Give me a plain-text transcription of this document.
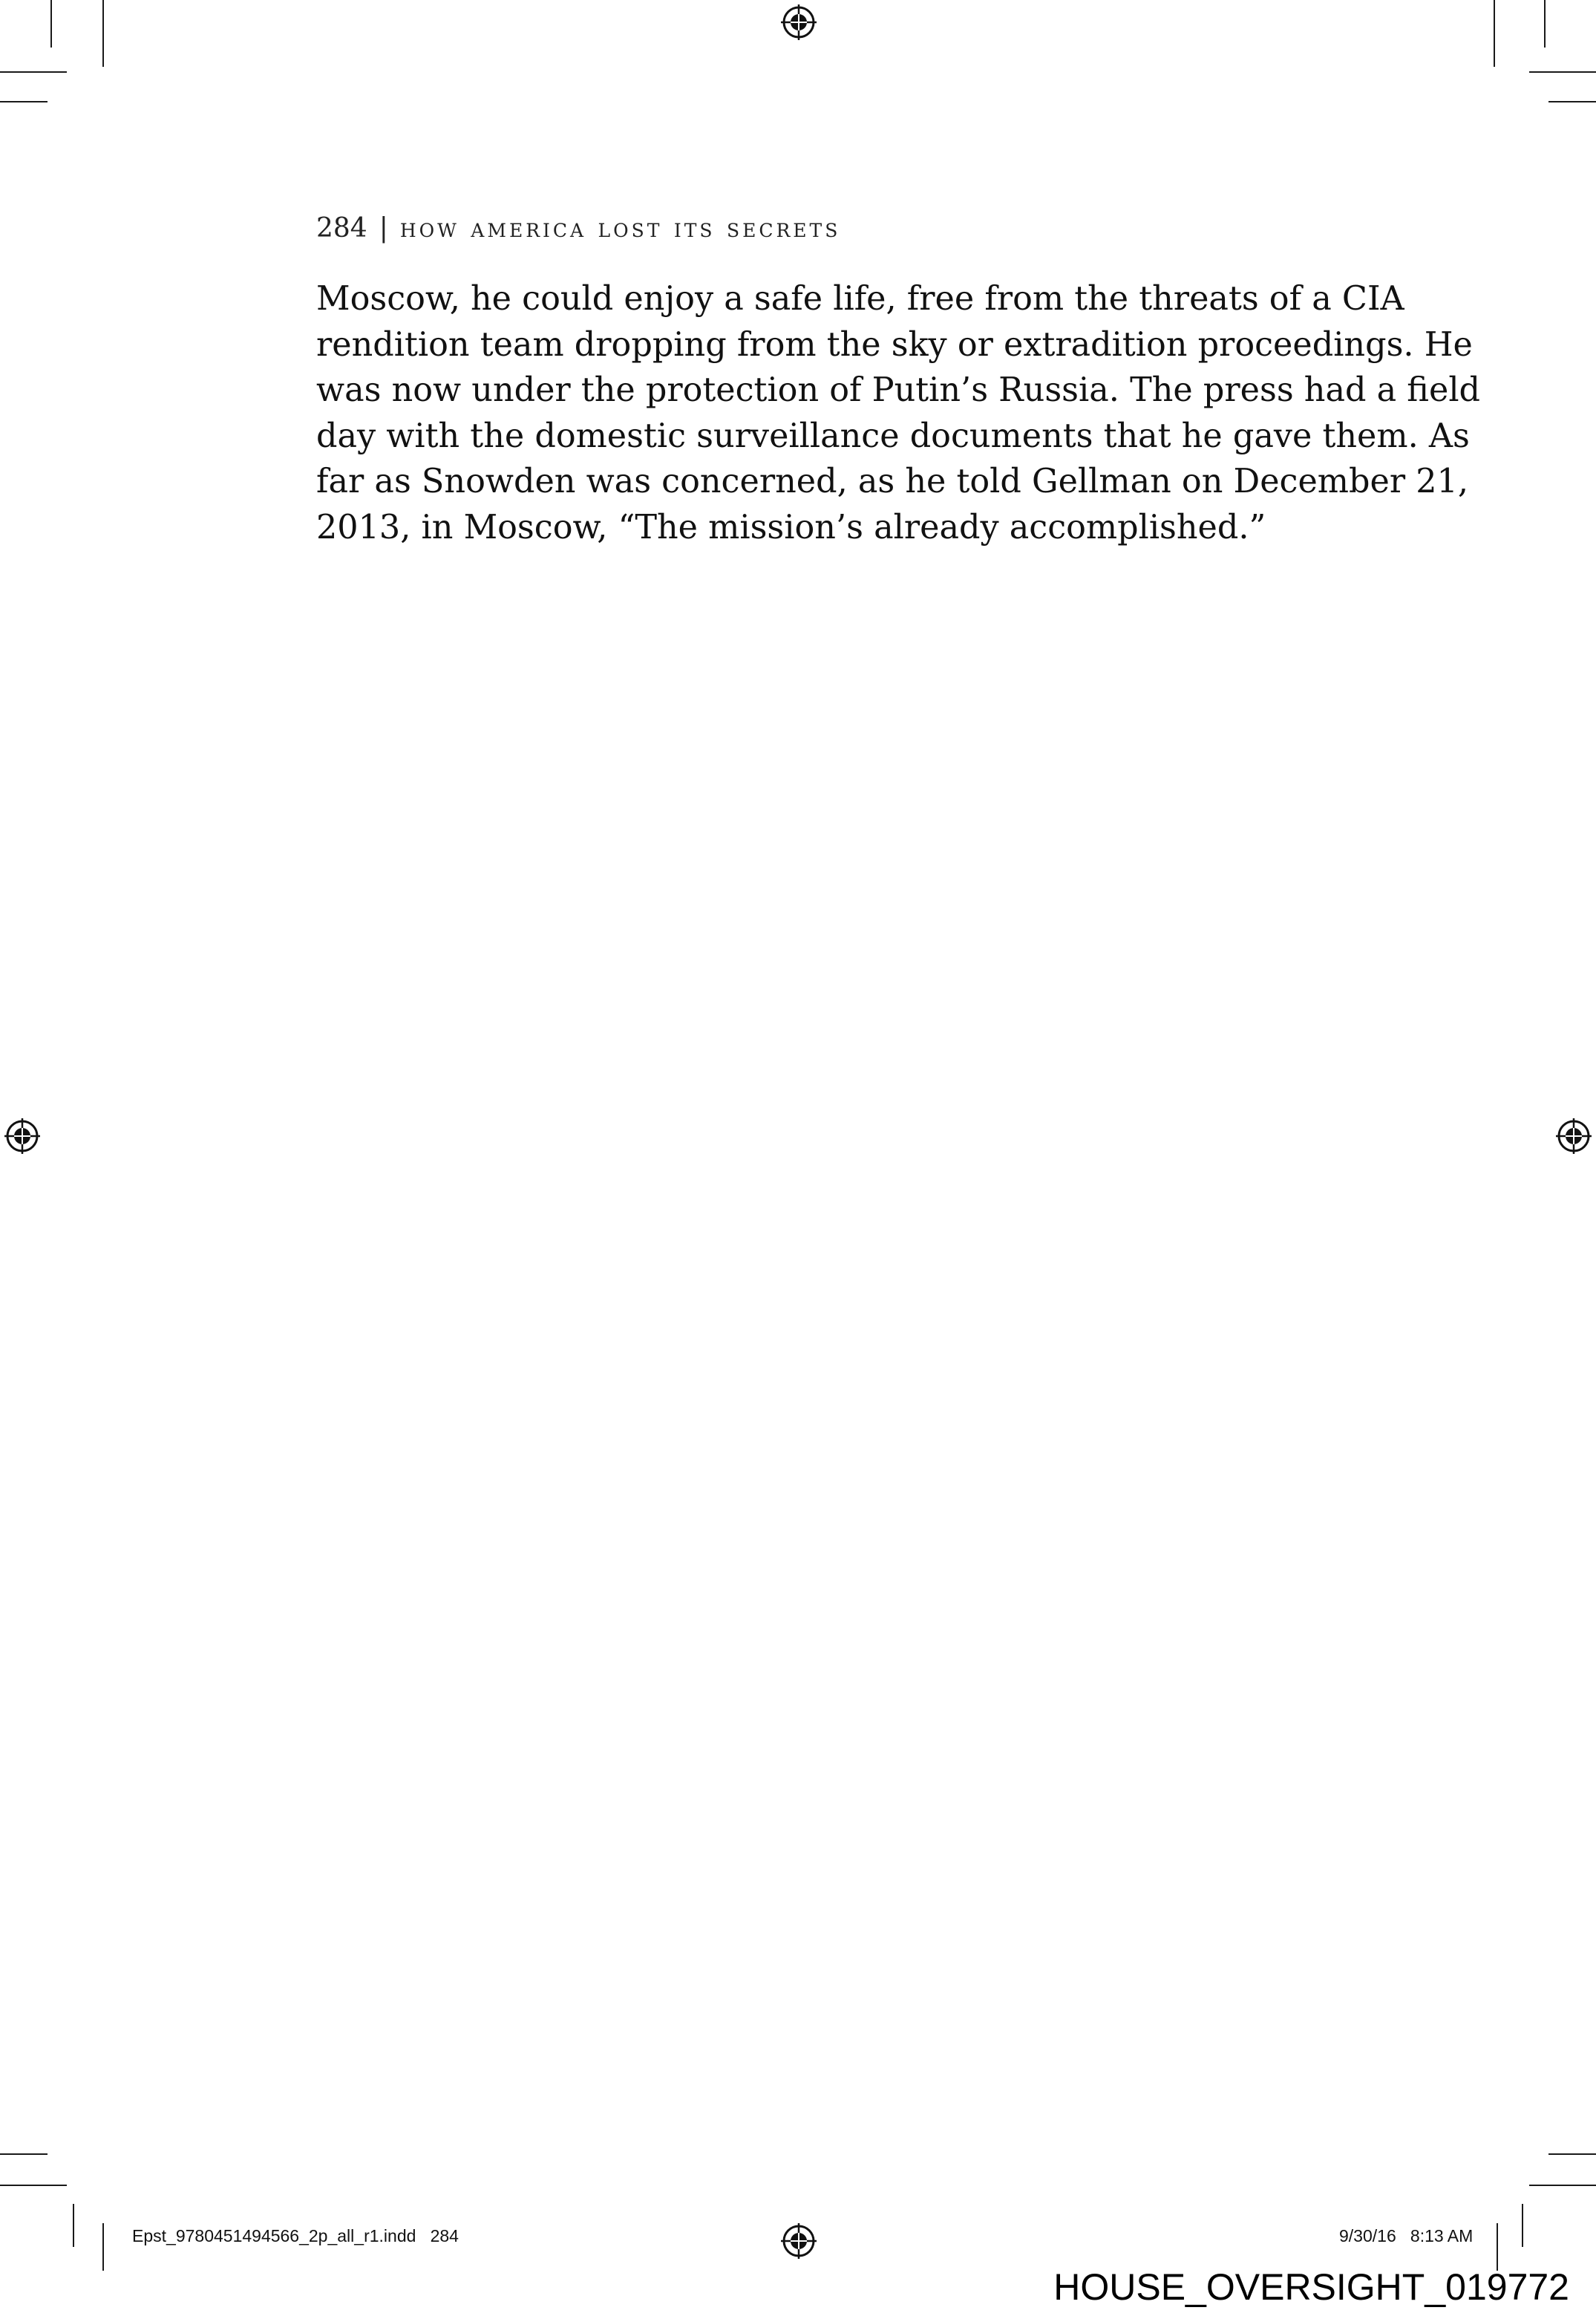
284 | how america lost its secrets
Moscow, he could enjoy a safe life, free from the threats of a CIA
rendition team dropping from the sky or extradition proceedings. He
was now under the protection of Putin’s Russia. The press had a field
day with the domestic surveillance documents that he gave them. As
far as Snowden was concerned, as he told Gellman on December 21,
2013, in Moscow, “The mission’s already accomplished.”
Epst_9780451494566_2p_all_r1.indd   284	9/30/16   8:13 AM
HOUSE_OVERSIGHT_019772
